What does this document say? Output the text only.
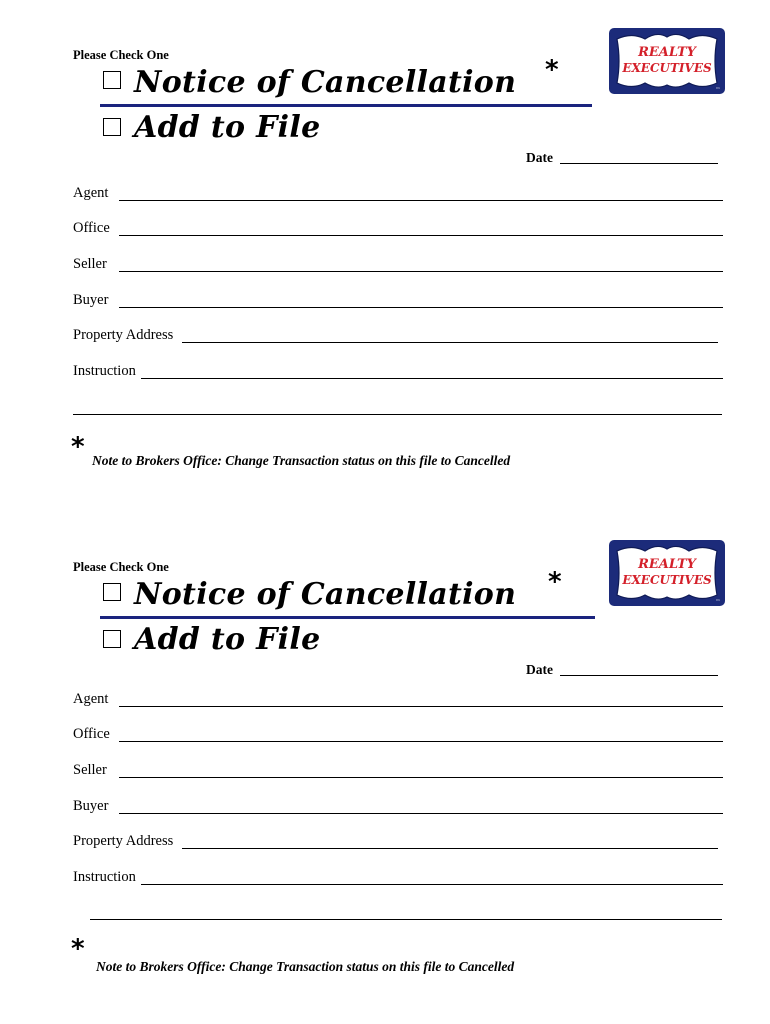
Please Check One
Notice of Cancellation *
Add to File
REALTY
EXECUTIVES
™
Date
Agent
Office
Seller
Buyer
Property Address
Instruction
* Note to Brokers Office: Change Transaction status on this file to Cancelled
Please Check One
Notice of Cancellation *
Add to File
REALTY
EXECUTIVES
™
Date
Agent
Office
Seller
Buyer
Property Address
Instruction
*
Note to Brokers Office: Change Transaction status on this file to Cancelled
